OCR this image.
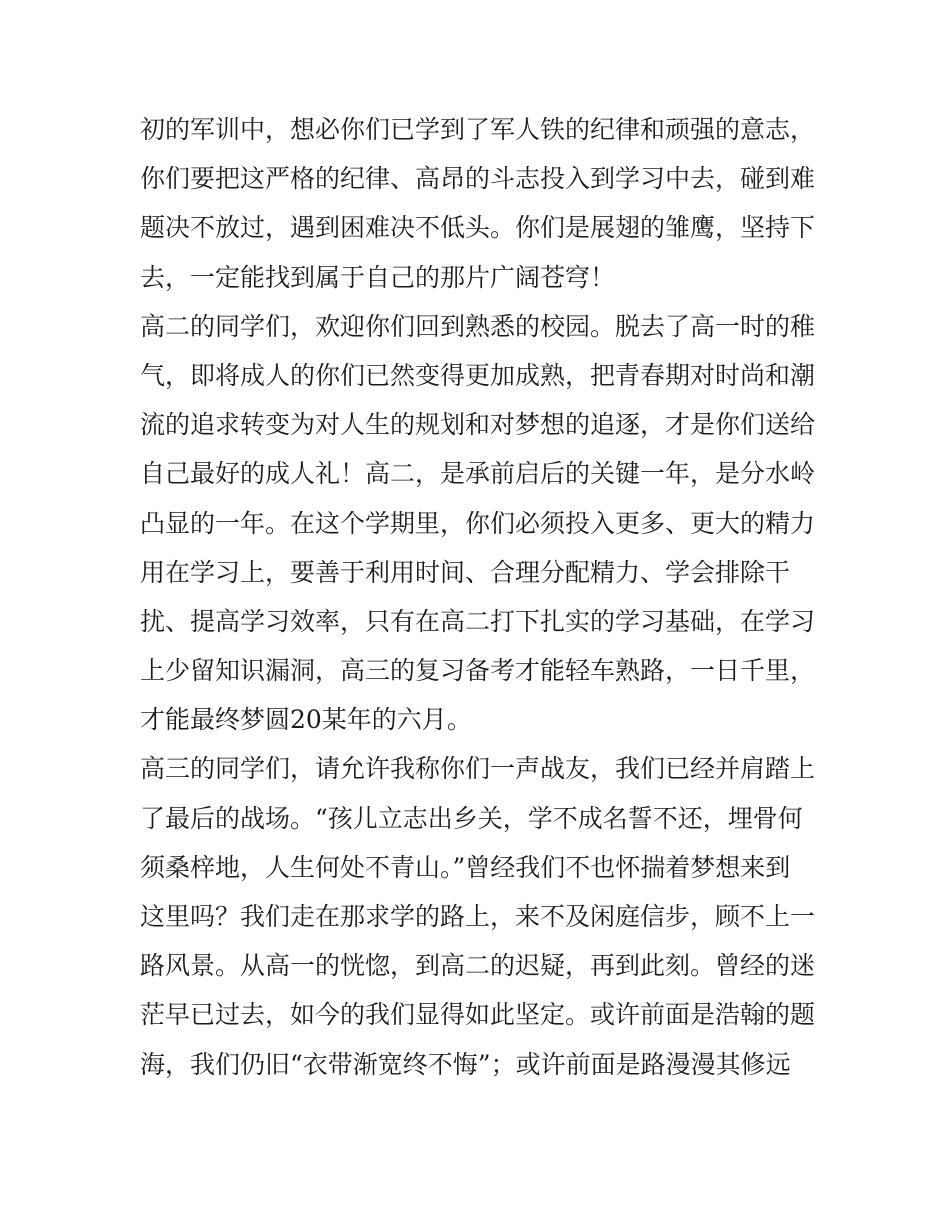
初的军训中，想必你们已学到了军人铁的纪律和顽强的意志，
你们要把这严格的纪律、高昂的斗志投入到学习中去，碰到难
题决不放过，遇到困难决不低头。你们是展翅的雏鹰，坚持下
去，一定能找到属于自己的那片广阔苍穹！
高二的同学们，欢迎你们回到熟悉的校园。脱去了高一时的稚
气，即将成人的你们已然变得更加成熟，把青春期对时尚和潮
流的追求转变为对人生的规划和对梦想的追逐，才是你们送给
自己最好的成人礼！高二，是承前启后的关键一年，是分水岭
凸显的一年。在这个学期里，你们必须投入更多、更大的精力
用在学习上，要善于利用时间、合理分配精力、学会排除干
扰、提高学习效率，只有在高二打下扎实的学习基础，在学习
上少留知识漏洞，高三的复习备考才能轻车熟路，一日千里，
才能最终梦圆20某年的六月。
高三的同学们，请允许我称你们一声战友，我们已经并肩踏上
了最后的战场。“孩儿立志出乡关，学不成名誓不还，埋骨何
须桑梓地，人生何处不青山。”曾经我们不也怀揣着梦想来到
这里吗？我们走在那求学的路上，来不及闲庭信步，顾不上一
路风景。从高一的恍惚，到高二的迟疑，再到此刻。曾经的迷
茫早已过去，如今的我们显得如此坚定。或许前面是浩翰的题
海，我们仍旧“衣带渐宽终不悔”；或许前面是路漫漫其修远
